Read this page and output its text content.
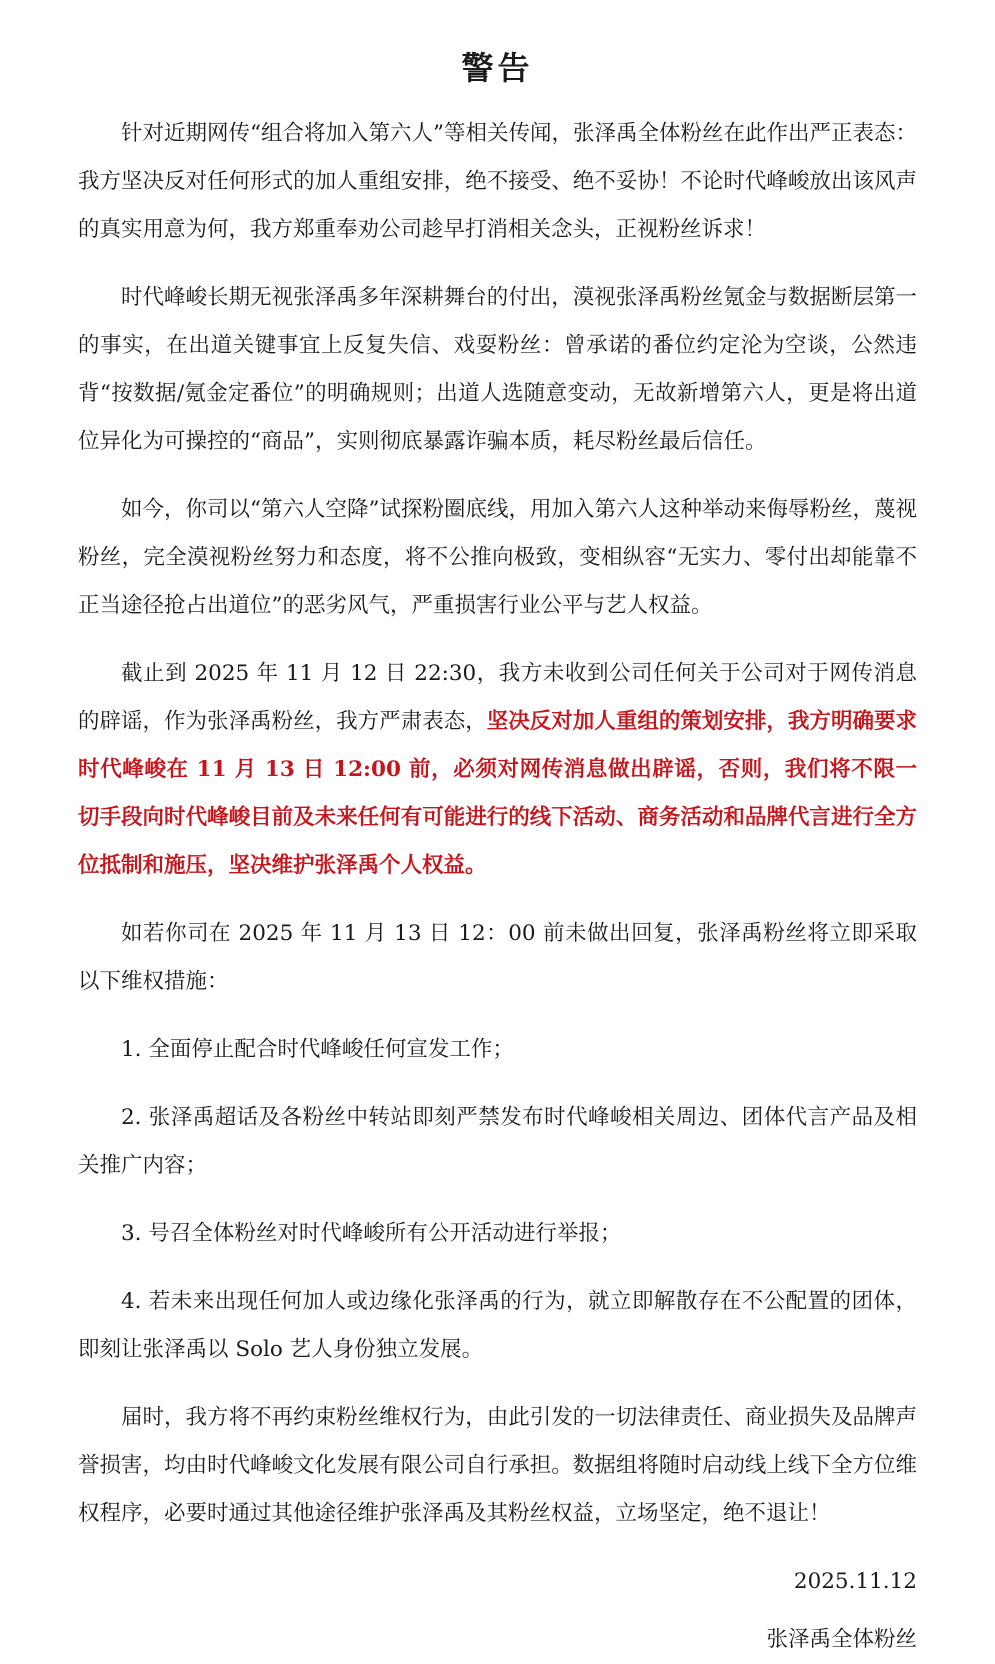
警告

针对近期网传“组合将加入第六人”等相关传闻，张泽禹全体粉丝在此作出严正表态：我方坚决反对任何形式的加人重组安排，绝不接受、绝不妥协！不论时代峰峻放出该风声的真实用意为何，我方郑重奉劝公司趁早打消相关念头，正视粉丝诉求！

时代峰峻长期无视张泽禹多年深耕舞台的付出，漠视张泽禹粉丝氪金与数据断层第一的事实，在出道关键事宜上反复失信、戏耍粉丝：曾承诺的番位约定沦为空谈，公然违背“按数据/氪金定番位”的明确规则；出道人选随意变动，无故新增第六人，更是将出道位异化为可操控的“商品”，实则彻底暴露诈骗本质，耗尽粉丝最后信任。

如今，你司以“第六人空降”试探粉圈底线，用加入第六人这种举动来侮辱粉丝，蔑视粉丝，完全漠视粉丝努力和态度，将不公推向极致，变相纵容“无实力、零付出却能靠不正当途径抢占出道位”的恶劣风气，严重损害行业公平与艺人权益。

截止到 2025 年 11 月 12 日 22:30，我方未收到公司任何关于公司对于网传消息的辟谣，作为张泽禹粉丝，我方严肃表态，坚决反对加人重组的策划安排，我方明确要求时代峰峻在 11 月 13 日 12:00 前，必须对网传消息做出辟谣，否则，我们将不限一切手段向时代峰峻目前及未来任何有可能进行的线下活动、商务活动和品牌代言进行全方位抵制和施压，坚决维护张泽禹个人权益。

如若你司在 2025 年 11 月 13 日 12：00 前未做出回复，张泽禹粉丝将立即采取以下维权措施：

1. 全面停止配合时代峰峻任何宣发工作；

2. 张泽禹超话及各粉丝中转站即刻严禁发布时代峰峻相关周边、团体代言产品及相关推广内容；

3. 号召全体粉丝对时代峰峻所有公开活动进行举报；

4. 若未来出现任何加人或边缘化张泽禹的行为，就立即解散存在不公配置的团体，即刻让张泽禹以 Solo 艺人身份独立发展。

届时，我方将不再约束粉丝维权行为，由此引发的一切法律责任、商业损失及品牌声誉损害，均由时代峰峻文化发展有限公司自行承担。数据组将随时启动线上线下全方位维权程序，必要时通过其他途径维护张泽禹及其粉丝权益，立场坚定，绝不退让！

2025.11.12

张泽禹全体粉丝
